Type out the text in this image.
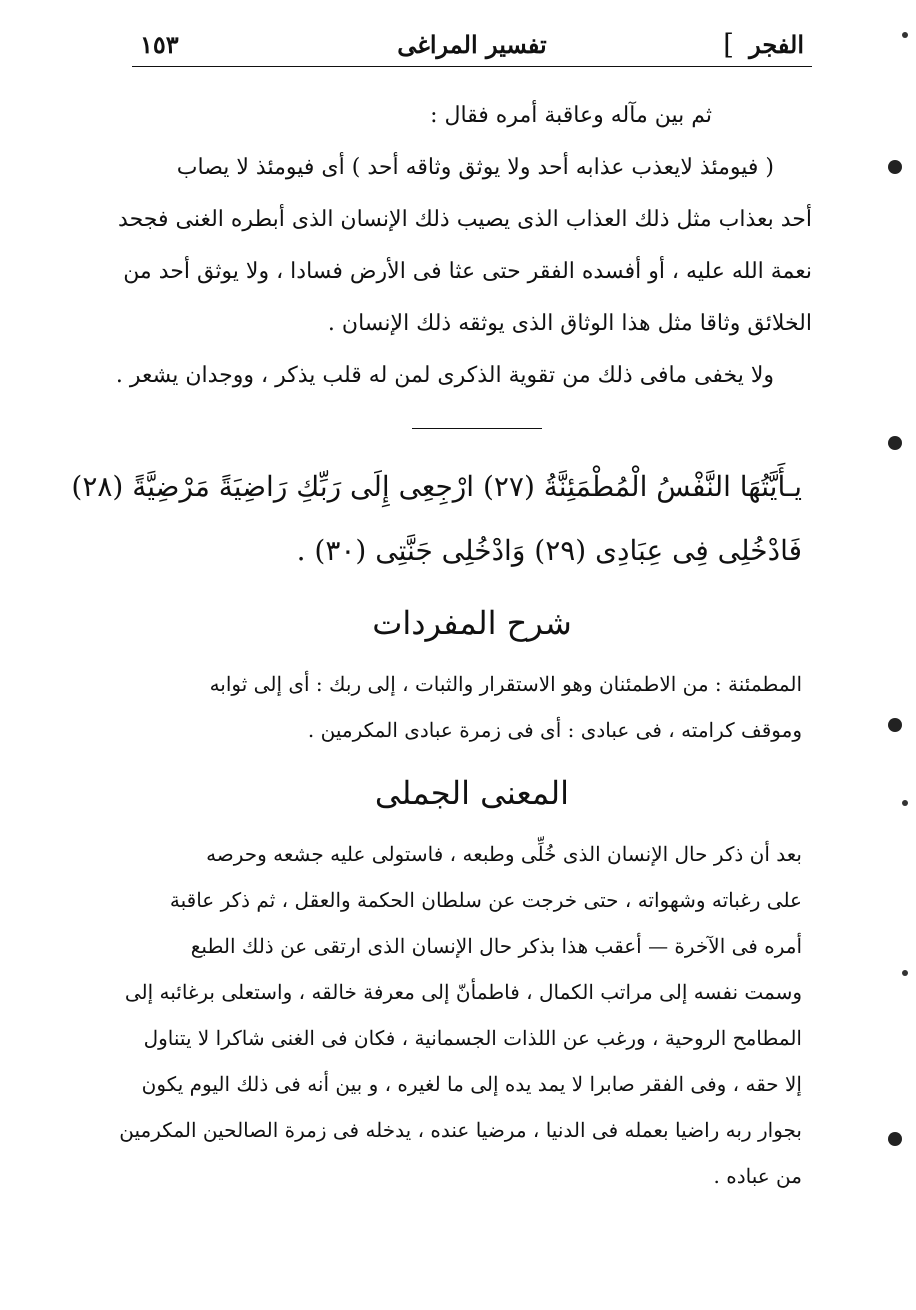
الفجر
]
تفسير المراغى
١٥٣
ثم بين مآله وعاقبة أمره فقال :
( فيومئذ لايعذب عذابه أحد ولا يوثق وثاقه أحد ) أى فيومئذ لا يصاب
أحد بعذاب مثل ذلك العذاب الذى يصيب ذلك الإنسان الذى أبطره الغنى فجحد
نعمة الله عليه ، أو أفسده الفقر حتى عثا فى الأرض فسادا ، ولا يوثق أحد من
الخلائق وثاقا مثل هذا الوثاق الذى يوثقه ذلك الإنسان .
ولا يخفى مافى ذلك من تقوية الذكرى لمن له قلب يذكر ، ووجدان يشعر .
يـأَيَّتُهَا النَّفْسُ الْمُطْمَئِنَّةُ (٢٧) ارْجِعِى إِلَى رَبِّكِ رَاضِيَةً مَرْضِيَّةً (٢٨)
فَادْخُلِى فِى عِبَادِى (٢٩) وَادْخُلِى جَنَّتِى (٣٠) .
شرح المفردات
المطمئنة : من الاطمئنان وهو الاستقرار والثبات ، إلى ربك : أى إلى ثوابه
وموقف كرامته ، فى عبادى : أى فى زمرة عبادى المكرمين .
المعنى الجملى
بعد أن ذكر حال الإنسان الذى خُلِّى وطبعه ، فاستولى عليه جشعه وحرصه
على رغباته وشهواته ، حتى خرجت عن سلطان الحكمة والعقل ، ثم ذكر عاقبة
أمره فى الآخرة — أعقب هذا بذكر حال الإنسان الذى ارتقى عن ذلك الطبع
وسمت نفسه إلى مراتب الكمال ، فاطمأنّ إلى معرفة خالقه ، واستعلى برغائبه إلى
المطامح الروحية ، ورغب عن اللذات الجسمانية ، فكان فى الغنى شاكرا لا يتناول
إلا حقه ، وفى الفقر صابرا لا يمد يده إلى ما لغيره ، و بين أنه فى ذلك اليوم يكون
بجوار ربه راضيا بعمله فى الدنيا ، مرضيا عنده ، يدخله فى زمرة الصالحين المكرمين
من عباده .
